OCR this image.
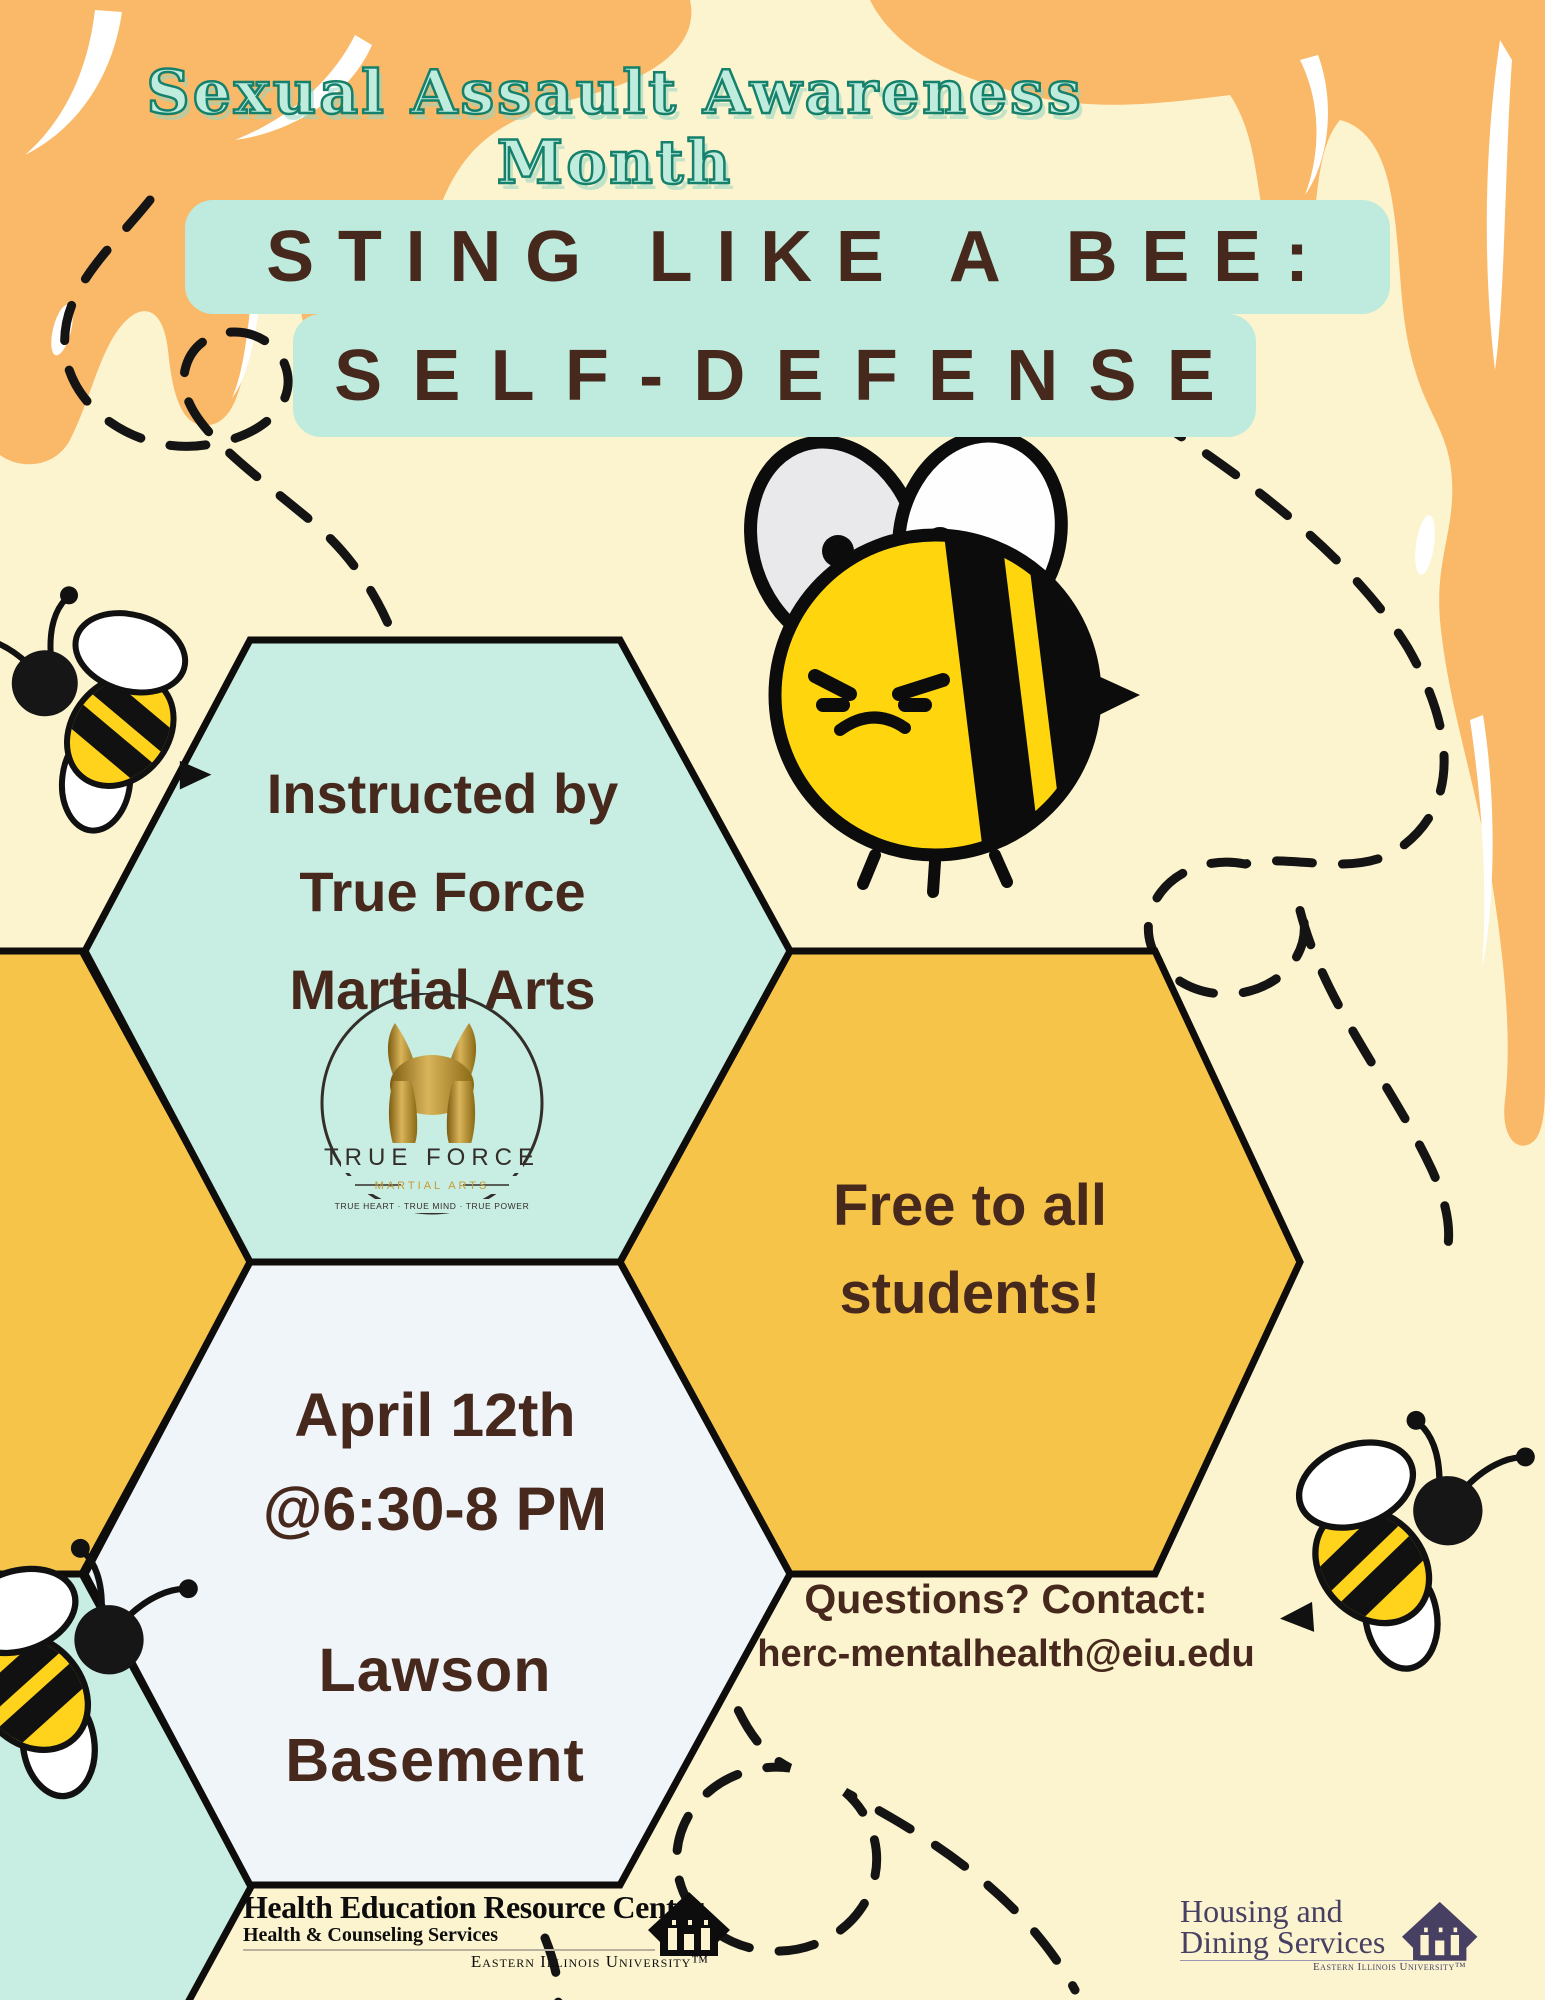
Sexual Assault Awareness Month
STING LIKE A BEE:
SELF-DEFENSE
Instructed by
True Force
Martial Arts
TRUE FORCE
MARTIAL ARTS
TRUE HEART · TRUE MIND · TRUE POWER	Free to all
students!
April 12th
@6:30-8 PM
Lawson
Basement
Questions? Contact:
herc-mentalhealth@eiu.edu
Health Education Resource Center
Health & Counseling Services
Eastern Illinois University™
Housing and
Dining Services
Eastern Illinois University™
